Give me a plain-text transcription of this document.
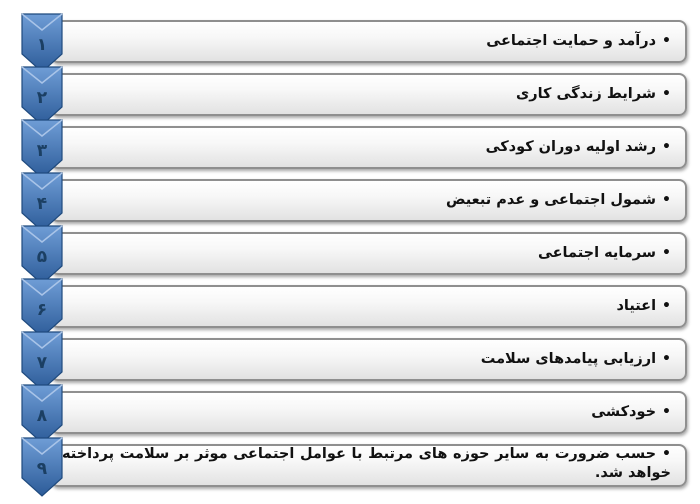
•درآمد و حمایت اجتماعی
۱
•شرایط زندگی کاری
۲
•رشد اولیه دوران کودکی
۳
•شمول اجتماعی و عدم تبعیض
۴
•سرمایه اجتماعی
۵
•اعتیاد
۶
•ارزیابی پیامدهای سلامت
۷
•خودکشی
۸
•حسب ضرورت به سایر حوزه های مرتبط با عوامل اجتماعی موثر بر سلامت پرداخته خواهد شد.
۹
